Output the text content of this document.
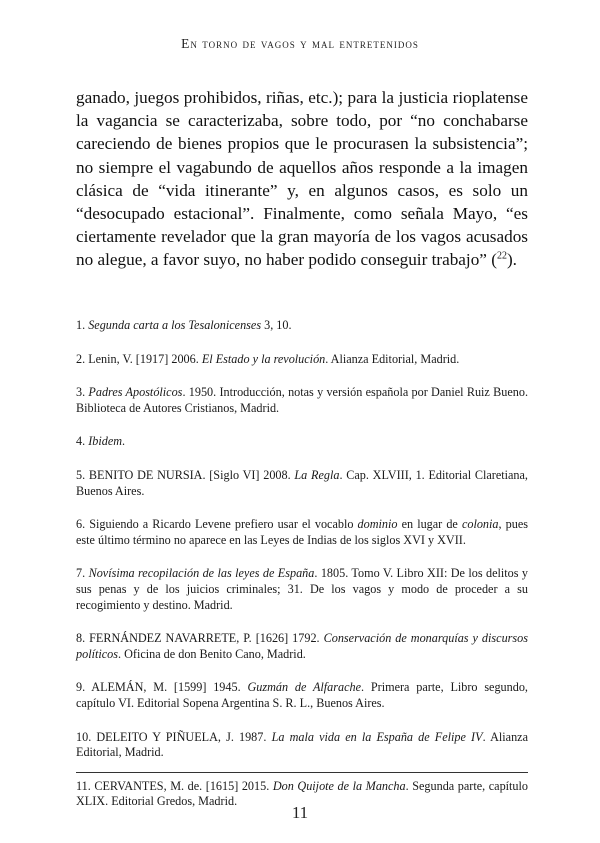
En torno de vagos y mal entretenidos

ganado, juegos prohibidos, riñas, etc.); para la justicia rioplatense la vagancia se caracterizaba, sobre todo, por “no conchabarse careciendo de bienes propios que le procurasen la subsistencia”; no siempre el vagabundo de aquellos años responde a la imagen clásica de “vida itinerante” y, en algunos casos, es solo un “desocupado estacional”. Finalmente, como señala Mayo, “es ciertamente revelador que la gran mayoría de los vagos acusados no alegue, a favor suyo, no haber podido conseguir trabajo” ($^{22}$).

1. Segunda carta a los Tesalonicenses 3, 10.
2. Lenin, V. [1917] 2006. El Estado y la revolución. Alianza Editorial, Madrid.
3. Padres Apostólicos. 1950. Introducción, notas y versión española por Daniel Ruiz Bueno. Biblioteca de Autores Cristianos, Madrid.
4. Ibidem.
5. BENITO DE NURSIA. [Siglo VI] 2008. La Regla. Cap. XLVIII, 1. Editorial Claretiana, Buenos Aires.
6. Siguiendo a Ricardo Levene prefiero usar el vocablo dominio en lugar de colonia, pues este último término no aparece en las Leyes de Indias de los siglos XVI y XVII.
7. Novísima recopilación de las leyes de España. 1805. Tomo V. Libro XII: De los delitos y sus penas y de los juicios criminales; 31. De los vagos y modo de proceder a su recogimiento y destino. Madrid.
8. FERNÁNDEZ NAVARRETE, P. [1626] 1792. Conservación de monarquías y discursos políticos. Oficina de don Benito Cano, Madrid.
9. ALEMÁN, M. [1599] 1945. Guzmán de Alfarache. Primera parte, Libro segundo, capítulo VI. Editorial Sopena Argentina S. R. L., Buenos Aires.
10. DELEITO Y PIÑUELA, J. 1987. La mala vida en la España de Felipe IV. Alianza Editorial, Madrid.
11. CERVANTES, M. de. [1615] 2015. Don Quijote de la Mancha. Segunda parte, capítulo XLIX. Editorial Gredos, Madrid.
11
